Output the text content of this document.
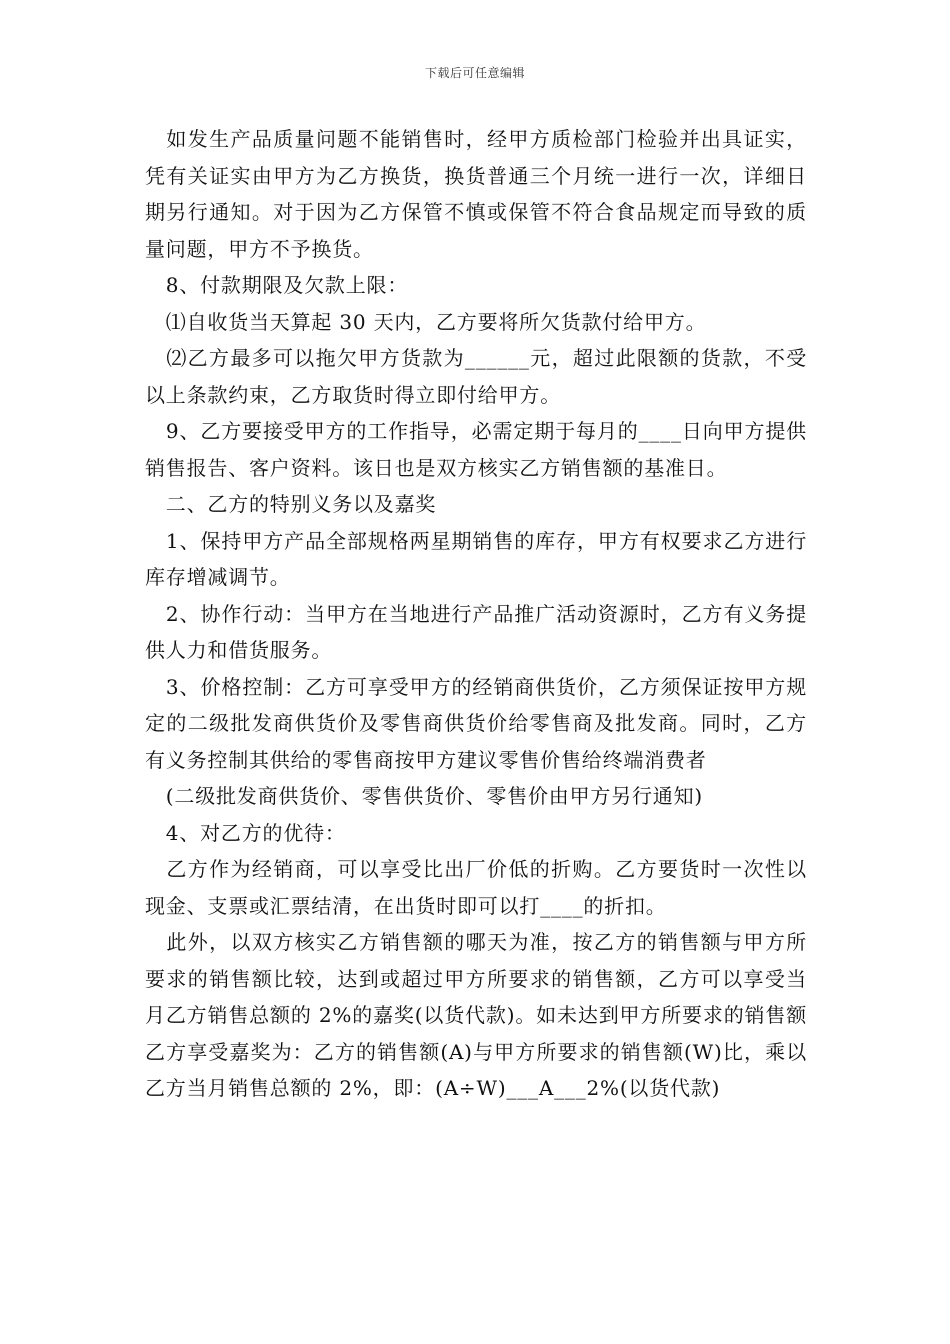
下载后可任意编辑

　如发生产品质量问题不能销售时，经甲方质检部门检验并出具证实，凭有关证实由甲方为乙方换货，换货普通三个月统一进行一次，详细日期另行通知。对于因为乙方保管不慎或保管不符合食品规定而导致的质量问题，甲方不予换货。

　8、付款期限及欠款上限：

　⑴自收货当天算起 30 天内，乙方要将所欠货款付给甲方。

　⑵乙方最多可以拖欠甲方货款为______元，超过此限额的货款，不受以上条款约束，乙方取货时得立即付给甲方。

　9、乙方要接受甲方的工作指导，必需定期于每月的____日向甲方提供销售报告、客户资料。该日也是双方核实乙方销售额的基准日。

　二、乙方的特别义务以及嘉奖

　1、保持甲方产品全部规格两星期销售的库存，甲方有权要求乙方进行库存增减调节。

　2、协作行动：当甲方在当地进行产品推广活动资源时，乙方有义务提供人力和借货服务。

　3、价格控制：乙方可享受甲方的经销商供货价，乙方须保证按甲方规定的二级批发商供货价及零售商供货价给零售商及批发商。同时，乙方有义务控制其供给的零售商按甲方建议零售价售给终端消费者

　(二级批发商供货价、零售供货价、零售价由甲方另行通知)

　4、对乙方的优待：

　乙方作为经销商，可以享受比出厂价低的折购。乙方要货时一次性以现金、支票或汇票结清，在出货时即可以打____的折扣。

　此外，以双方核实乙方销售额的哪天为准，按乙方的销售额与甲方所要求的销售额比较，达到或超过甲方所要求的销售额，乙方可以享受当月乙方销售总额的 2%的嘉奖(以货代款)。如未达到甲方所要求的销售额乙方享受嘉奖为：乙方的销售额(A)与甲方所要求的销售额(W)比，乘以乙方当月销售总额的 2%，即：(A÷W)___A___2%(以货代款)
